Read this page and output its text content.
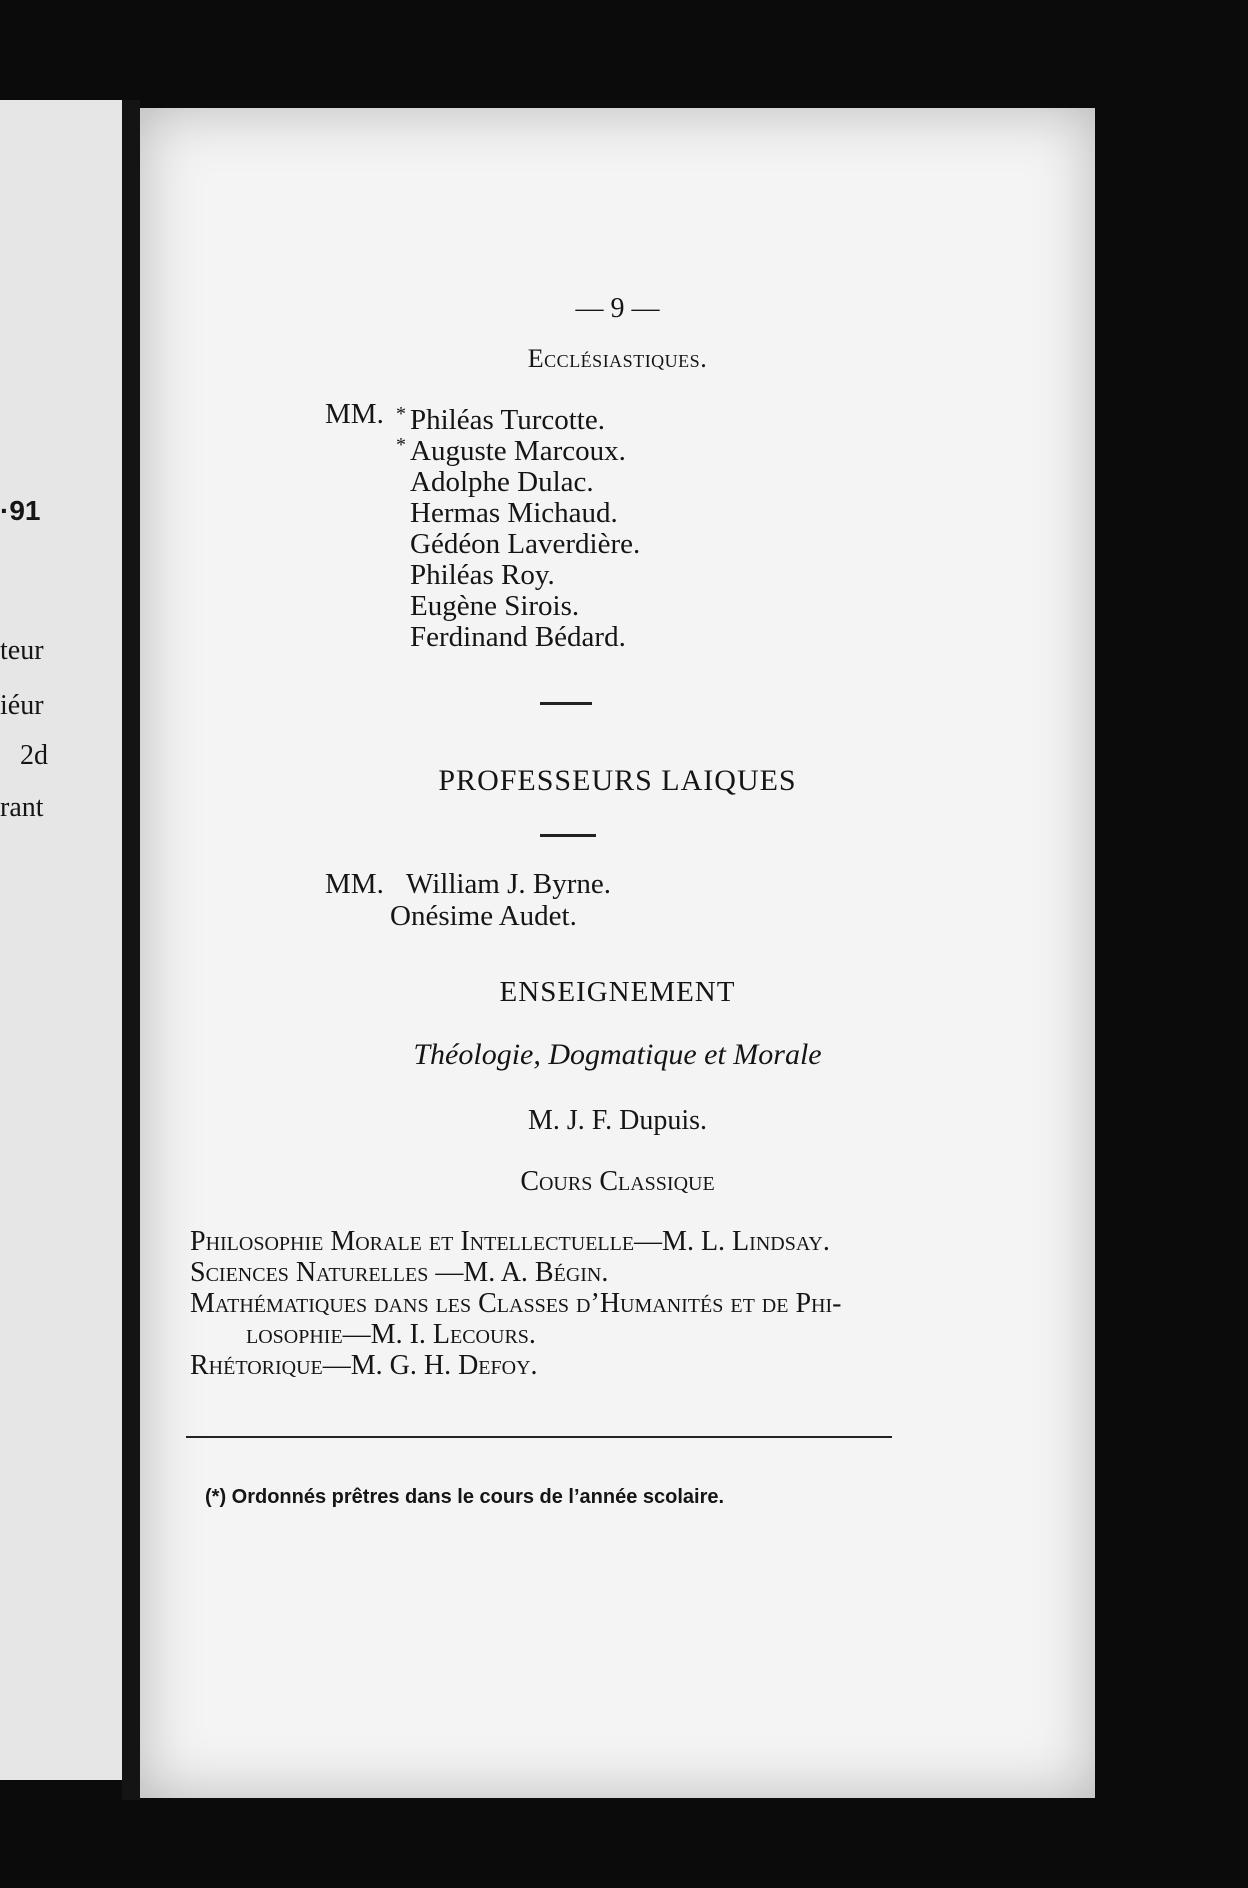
·91
teur
iéur
2d
rant
— 9 —
Ecclésiastiques.
MM. * Philéas Turcotte.
* Auguste Marcoux.
Adolphe Dulac.
Hermas Michaud.
Gédéon Laverdière.
Philéas Roy.
Eugène Sirois.
Ferdinand Bédard.
PROFESSEURS LAIQUES
MM. William J. Byrne.
Onésime Audet.
ENSEIGNEMENT
Théologie, Dogmatique et Morale
M. J. F. Dupuis.
Cours Classique
Philosophie Morale et Intellectuelle—M. L. Lindsay.
Sciences Naturelles —M. A. Bégin.
Mathématiques dans les Classes d’Humanités et de Phi-
losophie—M. I. Lecours.
Rhétorique—M. G. H. Defoy.
(*) Ordonnés prêtres dans le cours de l’année scolaire.
